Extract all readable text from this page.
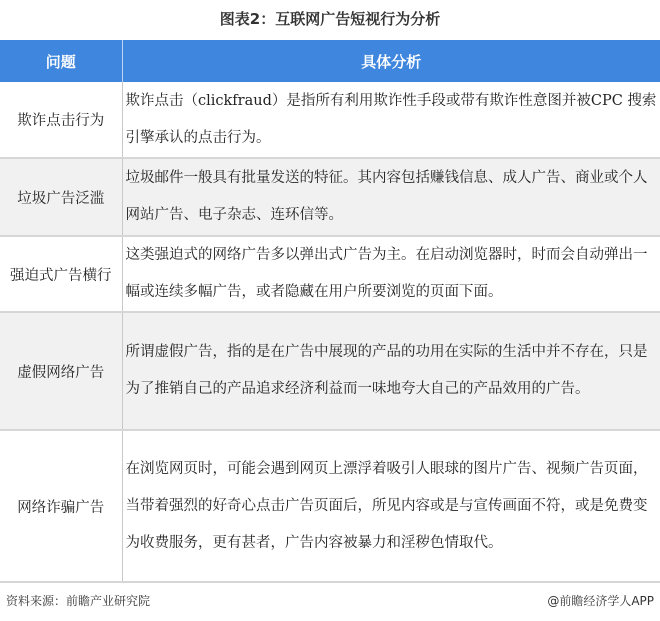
图表2：互联网广告短视行为分析
问题	具体分析
欺诈点击行为	欺诈点击（clickfraud）是指所有利用欺诈性手段或带有欺诈性意图并被CPC 搜索引擎承认的点击行为。
垃圾广告泛滥	垃圾邮件一般具有批量发送的特征。其内容包括赚钱信息、成人广告、商业或个人网站广告、电子杂志、连环信等。
强迫式广告横行	这类强迫式的网络广告多以弹出式广告为主。在启动浏览器时，时而会自动弹出一幅或连续多幅广告，或者隐藏在用户所要浏览的页面下面。
虚假网络广告	所谓虚假广告，指的是在广告中展现的产品的功用在实际的生活中并不存在，只是为了推销自己的产品追求经济利益而一味地夸大自己的产品效用的广告。
网络诈骗广告	在浏览网页时，可能会遇到网页上漂浮着吸引人眼球的图片广告、视频广告页面，当带着强烈的好奇心点击广告页面后，所见内容或是与宣传画面不符，或是免费变为收费服务，更有甚者，广告内容被暴力和淫秽色情取代。
资料来源：前瞻产业研究院	@前瞻经济学人APP
